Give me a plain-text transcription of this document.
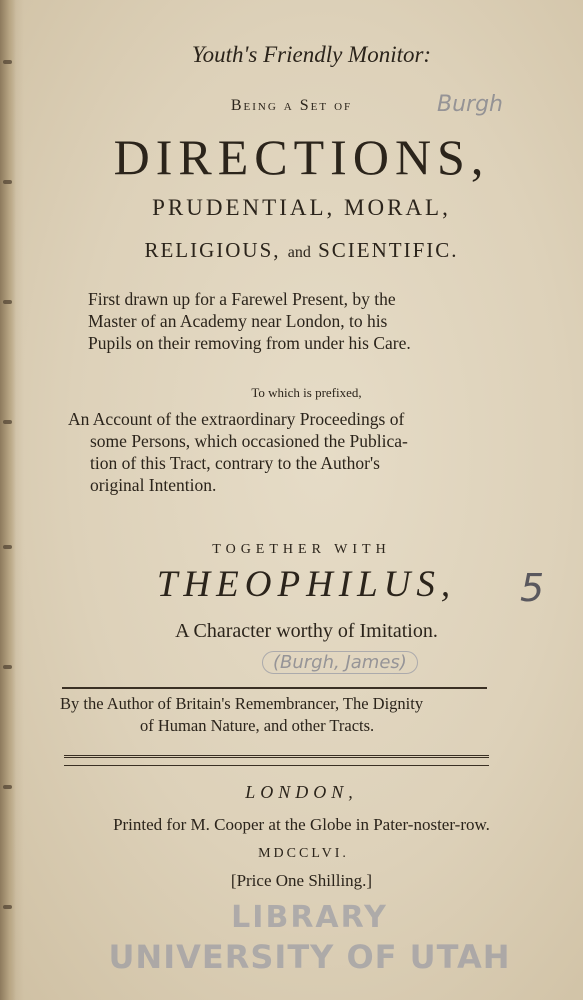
Youth's Friendly Monitor:
Being a Set of
DIRECTIONS,
PRUDENTIAL, MORAL,
RELIGIOUS, and SCIENTIFIC.
First drawn up for a Farewel Present, by the
Master of an Academy near London, to his
Pupils on their removing from under his Care.
To which is prefixed,
An Account of the extraordinary Proceedings of
some Persons, which occasioned the Publica-
tion of this Tract, contrary to the Author's
original Intention.
TOGETHER WITH
THEOPHILUS,
A Character worthy of Imitation.
Burgh
(Burgh, James)
5
By the Author of Britain's Remembrancer, The Dignity
of Human Nature, and other Tracts.
LONDON,
Printed for M. Cooper at the Globe in Pater-noster-row.
MDCCLVI.
[Price One Shilling.]
LIBRARY
UNIVERSITY OF UTAH
